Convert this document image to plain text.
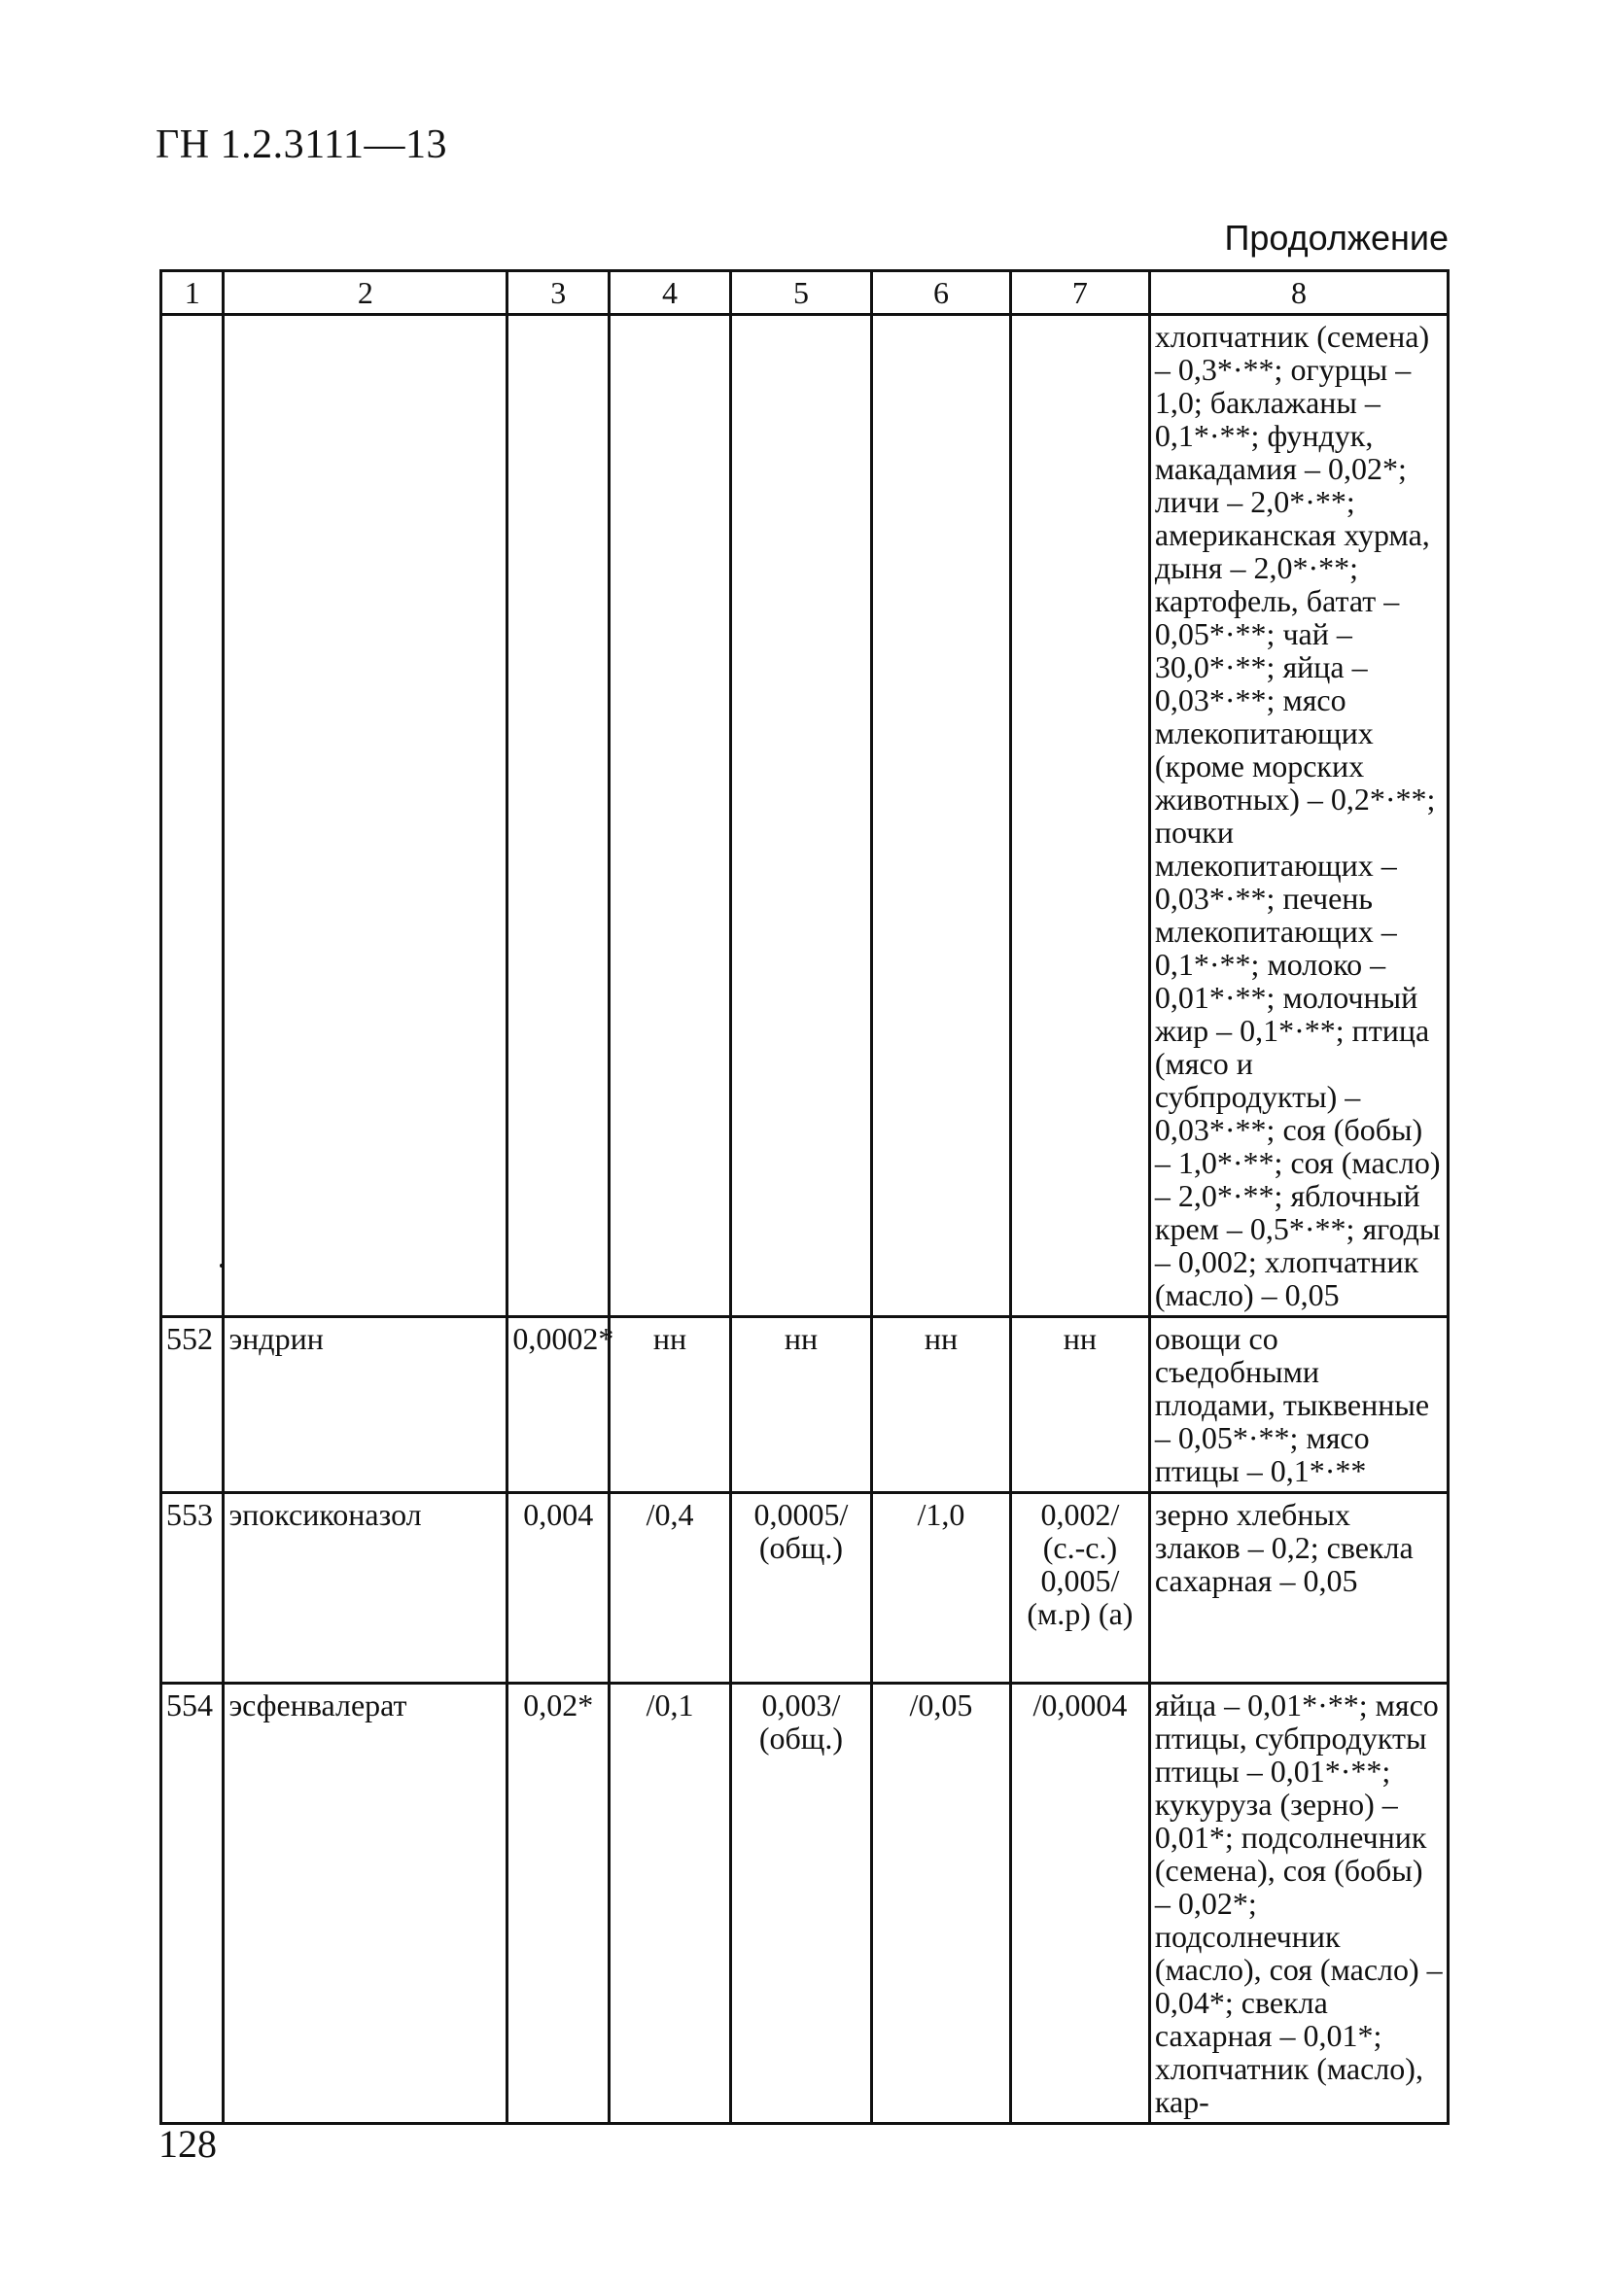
ГН 1.2.3111—13
Продолжение
1	2	3	4	5	6	7	8
							хлопчатник (семена) – 0,3*·**; огурцы – 1,0; баклажаны – 0,1*·**; фундук, макадамия – 0,02*; личи – 2,0*·**; американская хурма, дыня – 2,0*·**; картофель, батат – 0,05*·**; чай – 30,0*·**; яйца – 0,03*·**; мясо млекопитающих (кроме морских животных) – 0,2*·**; почки млекопитающих – 0,03*·**; печень млекопитающих – 0,1*·**; молоко – 0,01*·**; молочный жир – 0,1*·**; птица (мясо и субпродукты) – 0,03*·**; соя (бобы) – 1,0*·**; соя (масло) – 2,0*·**; яблочный крем – 0,5*·**; ягоды – 0,002; хлопчатник (масло) – 0,05
552	эндрин	0,0002*	нн	нн	нн	нн	овощи со съедобными плодами, тыквенные – 0,05*·**; мясо птицы – 0,1*·**
553	эпоксиконазол	0,004	/0,4	0,0005/ (общ.)	/1,0	0,002/ (с.-с.) 0,005/ (м.р) (а)	зерно хлебных злаков – 0,2; свекла сахарная – 0,05
554	эсфенвалерат	0,02*	/0,1	0,003/ (общ.)	/0,05	/0,0004	яйца – 0,01*·**; мясо птицы, субпродукты птицы – 0,01*·**; кукуруза (зерно) – 0,01*; подсолнечник (семена), соя (бобы) – 0,02*; подсолнечник (масло), соя (масло) – 0,04*; свекла сахарная – 0,01*; хлопчатник (масло), кар-
128
